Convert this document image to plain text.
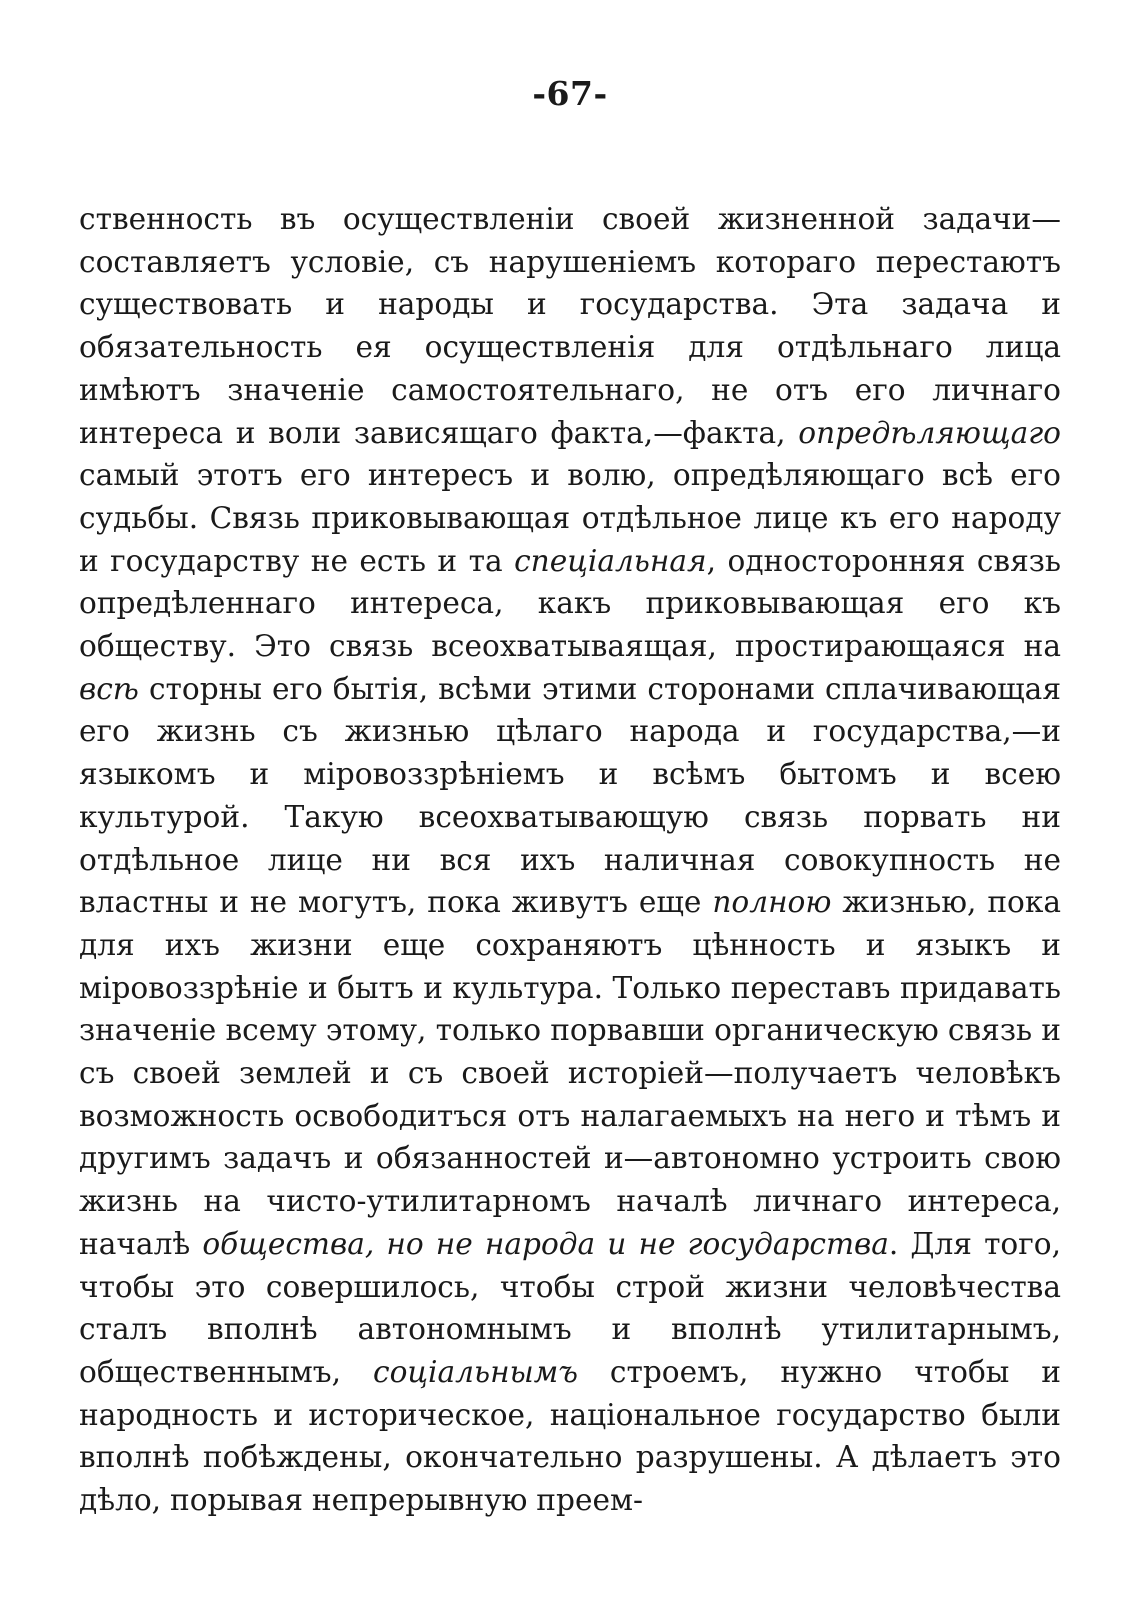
-67-

ственность въ осуществленіи своей жизненной задачи— составляетъ условіе, съ нарушеніемъ котораго перестаютъ существовать и народы и государства. Эта задача и обязательность ея осуществленія для отдѣльнаго лица имѣютъ значеніе самостоятельнаго, не отъ его личнаго интереса и воли зависящаго факта,—факта, опредѣляющаго самый этотъ его интересъ и волю, опредѣляющаго всѣ его судьбы. Связь приковывающая отдѣльное лице къ его народу и государству не есть и та спеціальная, односторонняя связь опредѣленнаго интереса, какъ приковывающая его къ обществу. Это связь всеохватываящая, простирающаяся на всѣ сторны его бытія, всѣми этими сторонами сплачивающая его жизнь съ жизнью цѣлаго народа и государства,—и языкомъ и міровоззрѣніемъ и всѣмъ бытомъ и всею культурой. Такую всеохватывающую связь порвать ни отдѣльное лице ни вся ихъ наличная совокупность не властны и не могутъ, пока живутъ еще полною жизнью, пока для ихъ жизни еще сохраняютъ цѣнность и языкъ и міровоззрѣніе и бытъ и культура. Только переставъ придавать значеніе всему этому, только порвавши органическую связь и съ своей землей и съ своей исторіей—получаетъ человѣкъ возможность освободитъся отъ налагаемыхъ на него и тѣмъ и другимъ задачъ и обязанностей и—автономно устроить свою жизнь на чисто-утилитарномъ началѣ личнаго интереса, началѣ общества, но не народа и не государства. Для того, чтобы это совершилось, чтобы строй жизни человѣчества сталъ вполнѣ автономнымъ и вполнѣ утилитарнымъ, общественнымъ, соціальнымъ строемъ, нужно чтобы и народность и историческое, національное государство были вполнѣ побѣждены, окончательно разрушены. А дѣлаетъ это дѣло, порывая непрерывную преем-
